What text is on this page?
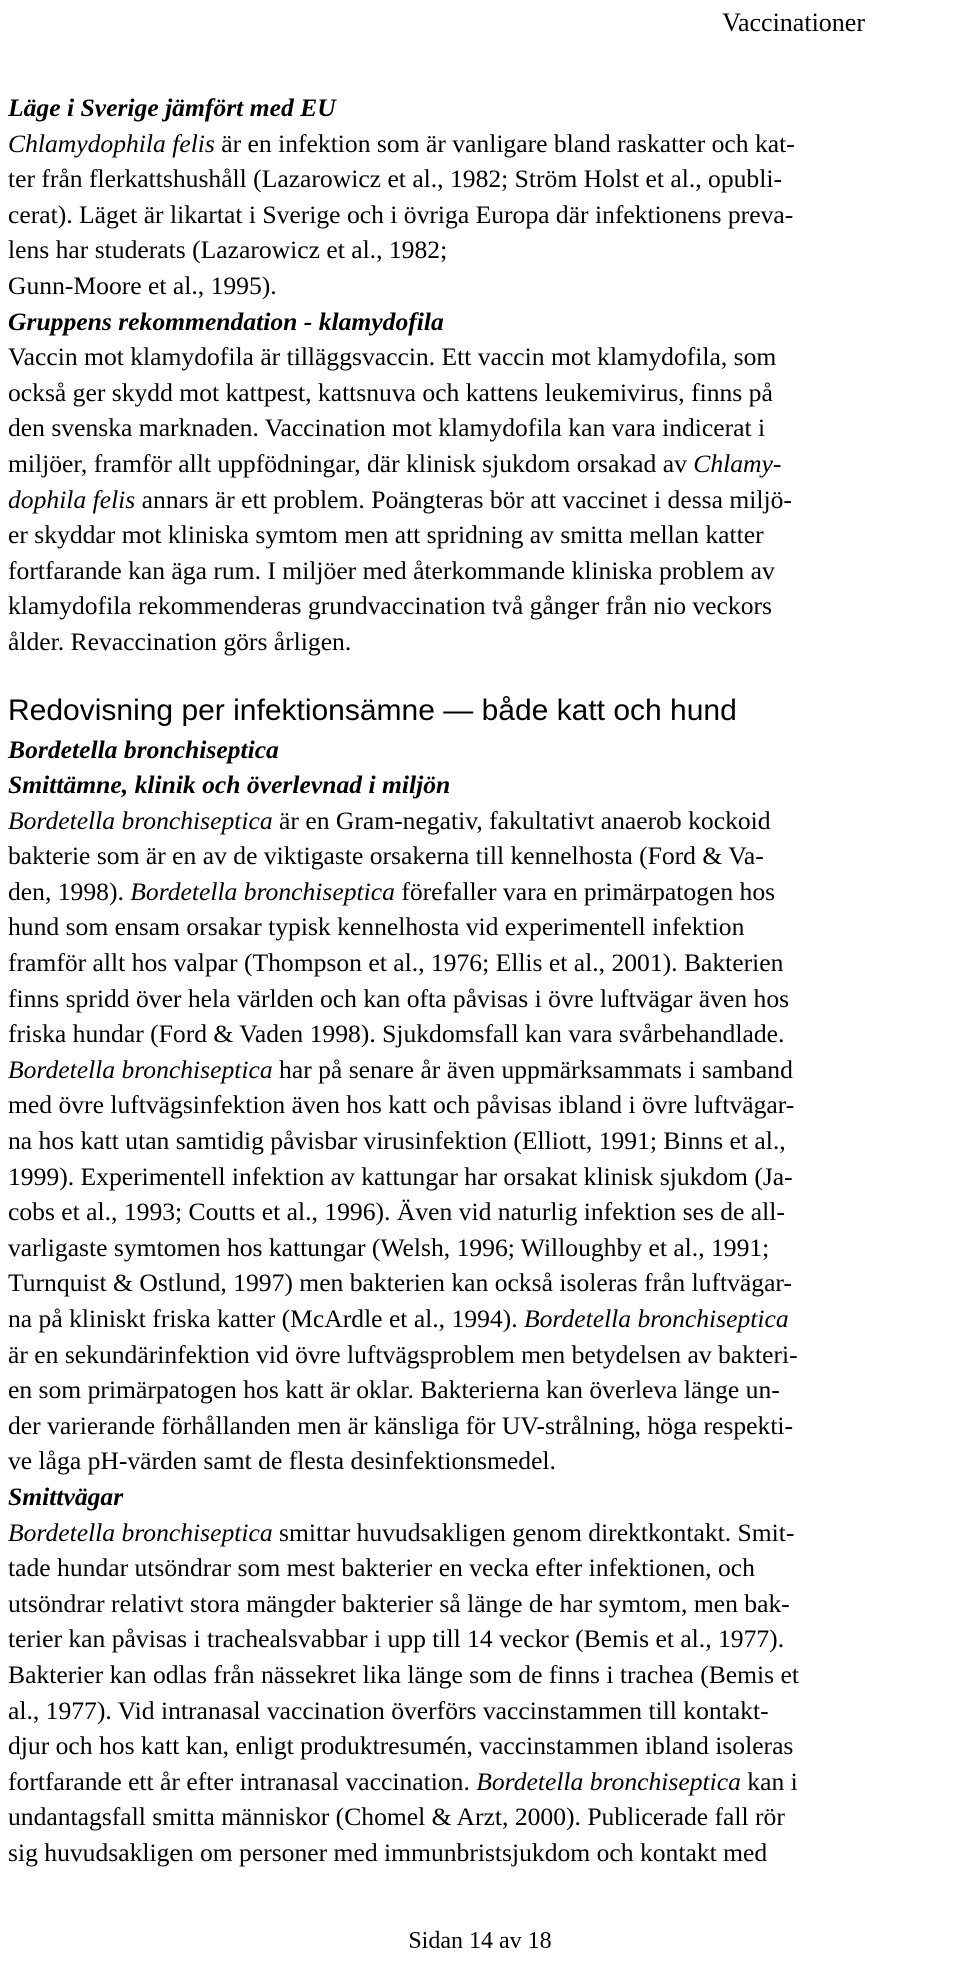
Vaccinationer
Läge i Sverige jämfört med EU
Chlamydophila felis är en infektion som är vanligare bland raskatter och kat-
ter från flerkattshushåll (Lazarowicz et al., 1982; Ström Holst et al., opubli-
cerat). Läget är likartat i Sverige och i övriga Europa där infektionens preva-
lens har studerats (Lazarowicz et al., 1982;
Gunn-Moore et al., 1995).
Gruppens rekommendation - klamydofila
Vaccin mot klamydofila är tilläggsvaccin. Ett vaccin mot klamydofila, som
också ger skydd mot kattpest, kattsnuva och kattens leukemivirus, finns på
den svenska marknaden. Vaccination mot klamydofila kan vara indicerat i
miljöer, framför allt uppfödningar, där klinisk sjukdom orsakad av Chlamy-
dophila felis annars är ett problem. Poängteras bör att vaccinet i dessa miljö-
er skyddar mot kliniska symtom men att spridning av smitta mellan katter
fortfarande kan äga rum. I miljöer med återkommande kliniska problem av
klamydofila rekommenderas grundvaccination två gånger från nio veckors
ålder. Revaccination görs årligen.
Redovisning per infektionsämne — både katt och hund
Bordetella bronchiseptica
Smittämne, klinik och överlevnad i miljön
Bordetella bronchiseptica är en Gram-negativ, fakultativt anaerob kockoid
bakterie som är en av de viktigaste orsakerna till kennelhosta (Ford & Va-
den, 1998). Bordetella bronchiseptica förefaller vara en primärpatogen hos
hund som ensam orsakar typisk kennelhosta vid experimentell infektion
framför allt hos valpar (Thompson et al., 1976; Ellis et al., 2001). Bakterien
finns spridd över hela världen och kan ofta påvisas i övre luftvägar även hos
friska hundar (Ford & Vaden 1998). Sjukdomsfall kan vara svårbehandlade.
Bordetella bronchiseptica har på senare år även uppmärksammats i samband
med övre luftvägsinfektion även hos katt och påvisas ibland i övre luftvägar-
na hos katt utan samtidig påvisbar virusinfektion (Elliott, 1991; Binns et al.,
1999). Experimentell infektion av kattungar har orsakat klinisk sjukdom (Ja-
cobs et al., 1993; Coutts et al., 1996). Även vid naturlig infektion ses de all-
varligaste symtomen hos kattungar (Welsh, 1996; Willoughby et al., 1991;
Turnquist & Ostlund, 1997) men bakterien kan också isoleras från luftvägar-
na på kliniskt friska katter (McArdle et al., 1994). Bordetella bronchiseptica
är en sekundärinfektion vid övre luftvägsproblem men betydelsen av bakteri-
en som primärpatogen hos katt är oklar. Bakterierna kan överleva länge un-
der varierande förhållanden men är känsliga för UV-strålning, höga respekti-
ve låga pH-värden samt de flesta desinfektionsmedel.
Smittvägar
Bordetella bronchiseptica smittar huvudsakligen genom direktkontakt. Smit-
tade hundar utsöndrar som mest bakterier en vecka efter infektionen, och
utsöndrar relativt stora mängder bakterier så länge de har symtom, men bak-
terier kan påvisas i trachealsvabbar i upp till 14 veckor (Bemis et al., 1977).
Bakterier kan odlas från nässekret lika länge som de finns i trachea (Bemis et
al., 1977). Vid intranasal vaccination överförs vaccinstammen till kontakt-
djur och hos katt kan, enligt produktresumén, vaccinstammen ibland isoleras
fortfarande ett år efter intranasal vaccination. Bordetella bronchiseptica kan i
undantagsfall smitta människor (Chomel & Arzt, 2000). Publicerade fall rör
sig huvudsakligen om personer med immunbristsjukdom och kontakt med
Sidan 14 av 18
